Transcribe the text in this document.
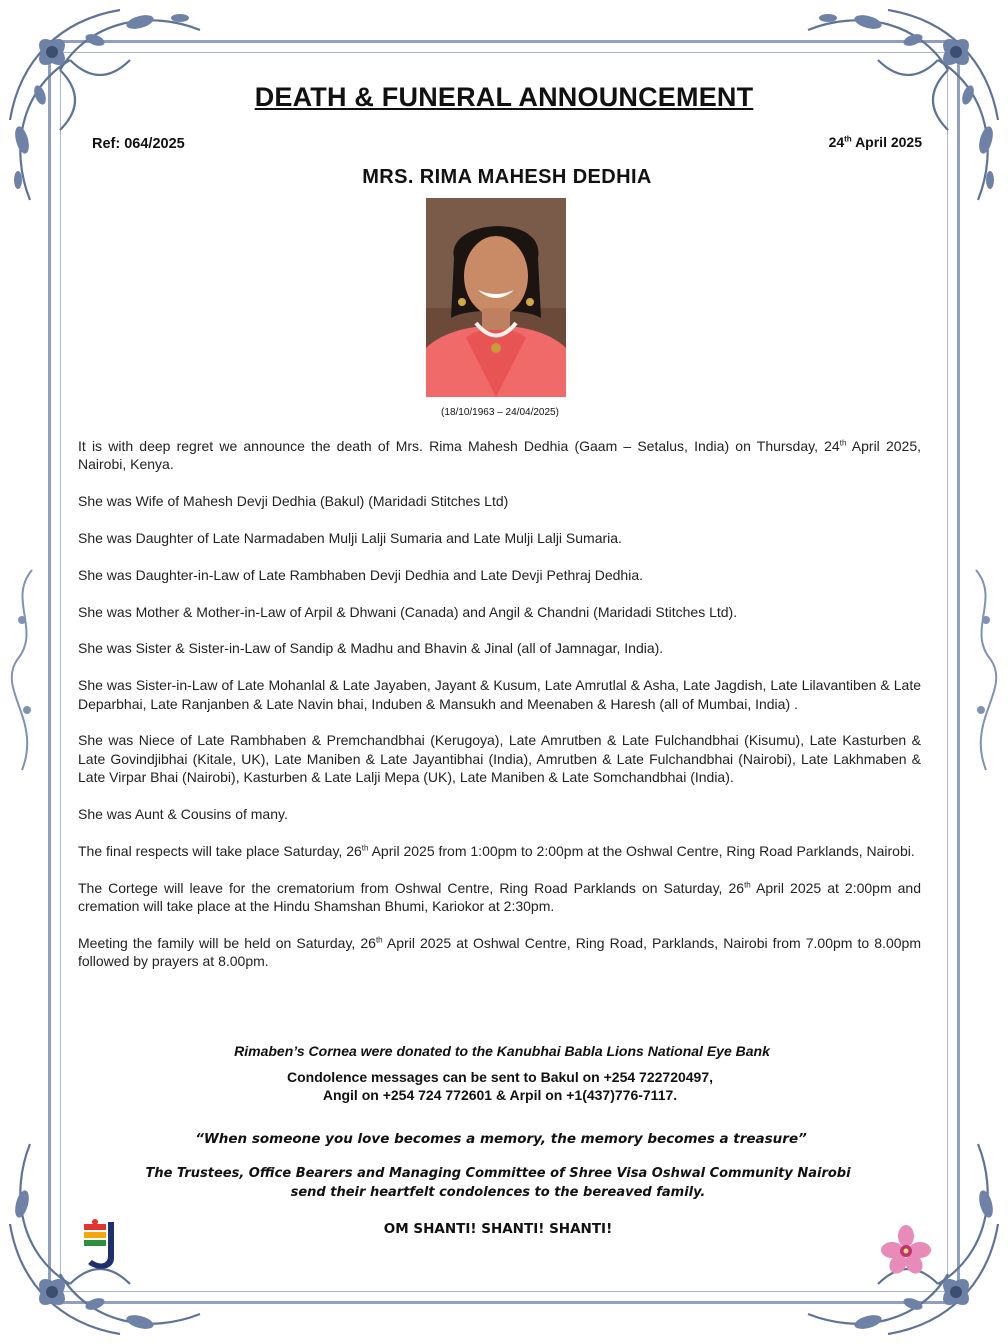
DEATH & FUNERAL ANNOUNCEMENT
Ref: 064/2025	24th April 2025
MRS. RIMA MAHESH DEDHIA
(18/10/1963 – 24/04/2025)

It is with deep regret we announce the death of Mrs. Rima Mahesh Dedhia (Gaam – Setalus, India) on Thursday, 24th April 2025, Nairobi, Kenya.

She was Wife of Mahesh Devji Dedhia (Bakul) (Maridadi Stitches Ltd)

She was Daughter of Late Narmadaben Mulji Lalji Sumaria and Late Mulji Lalji Sumaria.

She was Daughter-in-Law of Late Rambhaben Devji Dedhia and Late Devji Pethraj Dedhia.

She was Mother & Mother-in-Law of Arpil & Dhwani (Canada) and Angil & Chandni (Maridadi Stitches Ltd).

She was Sister & Sister-in-Law of Sandip & Madhu and Bhavin & Jinal (all of Jamnagar, India).

She was Sister-in-Law of Late Mohanlal & Late Jayaben, Jayant & Kusum, Late Amrutlal & Asha, Late Jagdish, Late Lilavantiben & Late Deparbhai, Late Ranjanben & Late Navin bhai, Induben & Mansukh and Meenaben & Haresh (all of Mumbai, India) .

She was Niece of Late Rambhaben & Premchandbhai (Kerugoya), Late Amrutben & Late Fulchandbhai (Kisumu), Late Kasturben & Late Govindjibhai (Kitale, UK), Late Maniben & Late Jayantibhai (India), Amrutben & Late Fulchandbhai (Nairobi), Late Lakhmaben & Late Virpar Bhai (Nairobi), Kasturben & Late Lalji Mepa (UK), Late Maniben & Late Somchandbhai (India).

She was Aunt & Cousins of many.

The final respects will take place Saturday, 26th April 2025 from 1:00pm to 2:00pm at the Oshwal Centre, Ring Road Parklands, Nairobi.

The Cortege will leave for the crematorium from Oshwal Centre, Ring Road Parklands on Saturday, 26th April 2025 at 2:00pm and cremation will take place at the Hindu Shamshan Bhumi, Kariokor at 2:30pm.

Meeting the family will be held on Saturday, 26th April 2025 at Oshwal Centre, Ring Road, Parklands, Nairobi from 7.00pm to 8.00pm followed by prayers at 8.00pm.

Rimaben’s Cornea were donated to the Kanubhai Babla Lions National Eye Bank
Condolence messages can be sent to Bakul on +254 722720497,
Angil on +254 724 772601 & Arpil on +1(437)776-7117.
“When someone you love becomes a memory, the memory becomes a treasure”
The Trustees, Office Bearers and Managing Committee of Shree Visa Oshwal Community Nairobi
send their heartfelt condolences to the bereaved family.
OM SHANTI! SHANTI! SHANTI!
